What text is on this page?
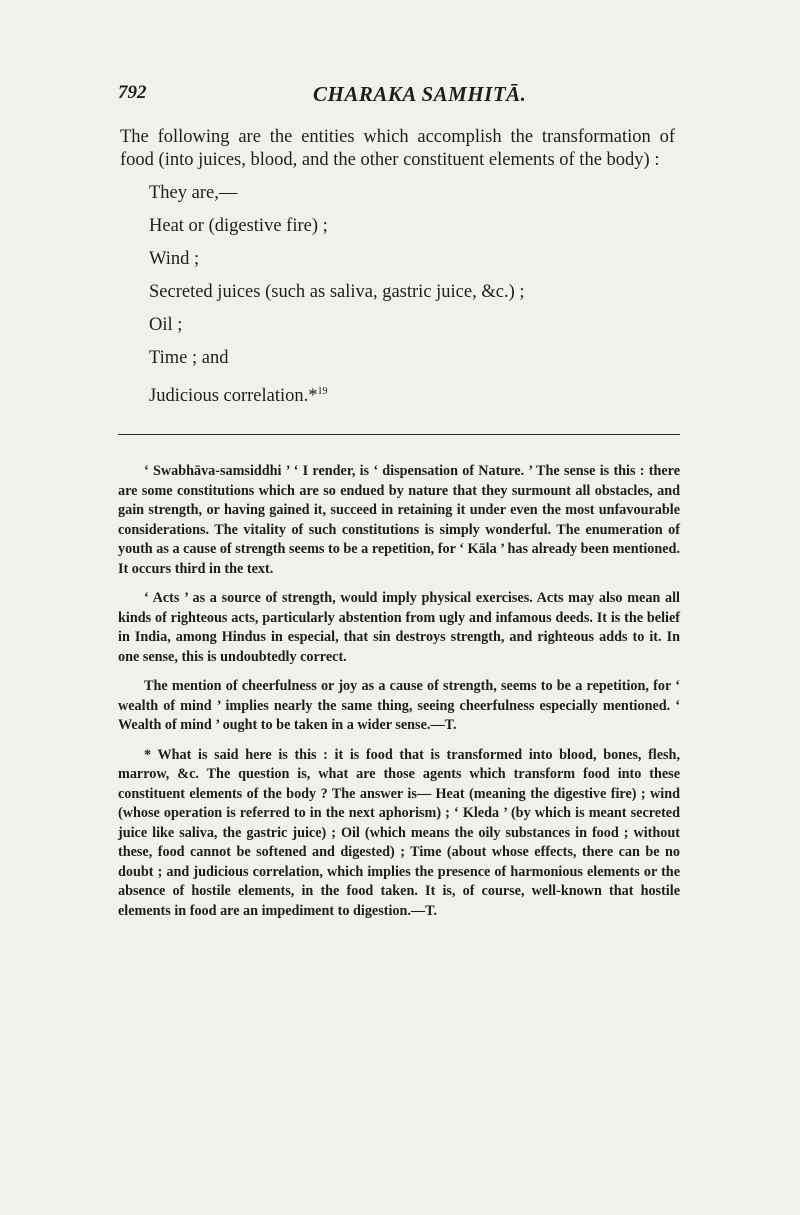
792	CHARAKA SAMHITĀ.

The following are the entities which accomplish the transformation of food (into juices, blood, and the other constituent elements of the body) :

They are,—
Heat or (digestive fire) ;
Wind ;
Secreted juices (such as saliva, gastric juice, &c.) ;
Oil ;
Time ; and
Judicious correlation.*$^{19}$

‘ Swabhāva-samsiddhi ’ ‘ I render, is ‘ dispensation of Nature. ’ The sense is this : there are some constitutions which are so endued by nature that they surmount all obstacles, and gain strength, or having gained it, succeed in retaining it under even the most unfavourable considerations. The vitality of such constitutions is simply wonderful. The enumeration of youth as a cause of strength seems to be a repetition, for ‘ Kāla ’ has already been mentioned. It occurs third in the text.

‘ Acts ’ as a source of strength, would imply physical exercises. Acts may also mean all kinds of righteous acts, particularly abstention from ugly and infamous deeds. It is the belief in India, among Hindus in especial, that sin destroys strength, and righteous adds to it. In one sense, this is undoubtedly correct.

The mention of cheerfulness or joy as a cause of strength, seems to be a repetition, for ‘ wealth of mind ’ implies nearly the same thing, seeing cheerfulness especially mentioned. ‘ Wealth of mind ’ ought to be taken in a wider sense.—T.

* What is said here is this : it is food that is transformed into blood, bones, flesh, marrow, &c. The question is, what are those agents which transform food into these constituent elements of the body ? The answer is— Heat (meaning the digestive fire) ; wind (whose operation is referred to in the next aphorism) ; ‘ Kleda ’ (by which is meant secreted juice like saliva, the gastric juice) ; Oil (which means the oily substances in food ; without these, food cannot be softened and digested) ; Time (about whose effects, there can be no doubt ; and judicious correlation, which implies the presence of harmonious elements or the absence of hostile elements, in the food taken. It is, of course, well-known that hostile elements in food are an impediment to digestion.—T.
